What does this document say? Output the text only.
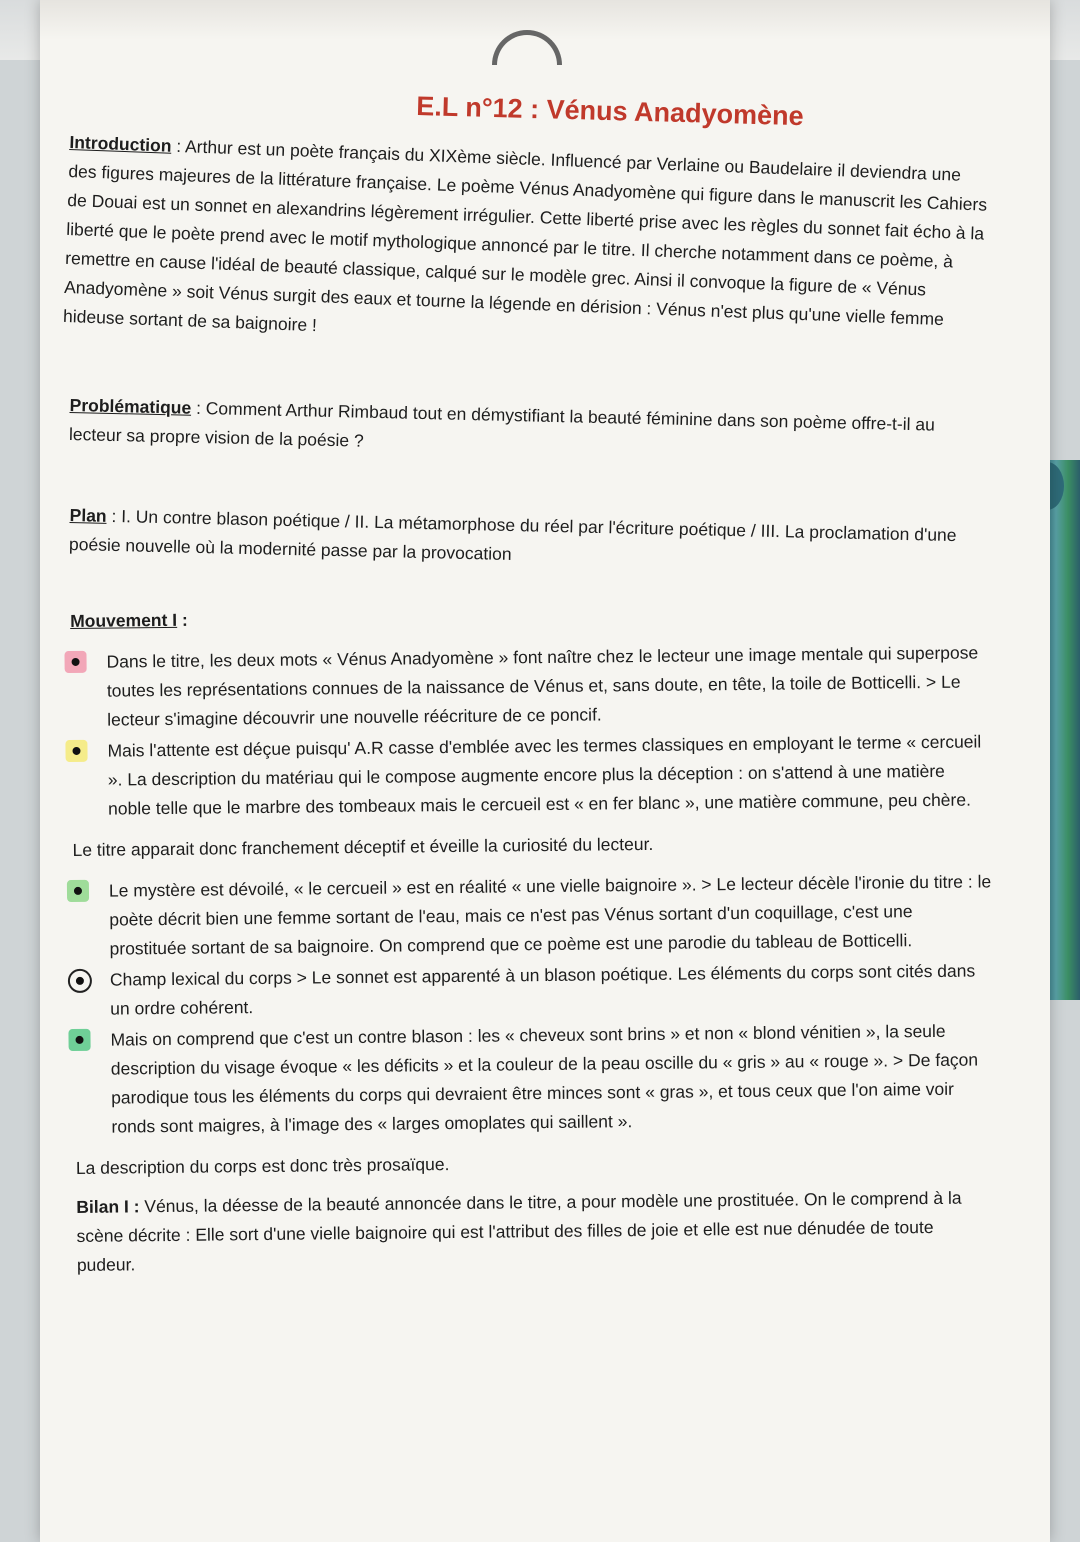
E.L n°12 : Vénus Anadyomène

Introduction : Arthur est un poète français du XIXème siècle. Influencé par Verlaine ou Baudelaire il deviendra une des figures majeures de la littérature française. Le poème Vénus Anadyomène qui figure dans le manuscrit les Cahiers de Douai est un sonnet en alexandrins légèrement irrégulier. Cette liberté prise avec les règles du sonnet fait écho à la liberté que le poète prend avec le motif mythologique annoncé par le titre. Il cherche notamment dans ce poème, à remettre en cause l'idéal de beauté classique, calqué sur le modèle grec. Ainsi il convoque la figure de « Vénus Anadyomène » soit Vénus surgit des eaux et tourne la légende en dérision : Vénus n'est plus qu'une vielle femme hideuse sortant de sa baignoire !

Problématique : Comment Arthur Rimbaud tout en démystifiant la beauté féminine dans son poème offre-t-il au lecteur sa propre vision de la poésie ?

Plan : I. Un contre blason poétique / II. La métamorphose du réel par l'écriture poétique / III. La proclamation d'une poésie nouvelle où la modernité passe par la provocation

Mouvement I :

Dans le titre, les deux mots « Vénus Anadyomène » font naître chez le lecteur une image mentale qui superpose toutes les représentations connues de la naissance de Vénus et, sans doute, en tête, la toile de Botticelli. > Le lecteur s'imagine découvrir une nouvelle réécriture de ce poncif.
Mais l'attente est déçue puisqu' A.R casse d'emblée avec les termes classiques en employant le terme « cercueil ». La description du matériau qui le compose augmente encore plus la déception : on s'attend à une matière noble telle que le marbre des tombeaux mais le cercueil est « en fer blanc », une matière commune, peu chère.

Le titre apparait donc franchement déceptif et éveille la curiosité du lecteur.

Le mystère est dévoilé, « le cercueil » est en réalité « une vielle baignoire ». > Le lecteur décèle l'ironie du titre : le poète décrit bien une femme sortant de l'eau, mais ce n'est pas Vénus sortant d'un coquillage, c'est une prostituée sortant de sa baignoire. On comprend que ce poème est une parodie du tableau de Botticelli.
Champ lexical du corps > Le sonnet est apparenté à un blason poétique. Les éléments du corps sont cités dans un ordre cohérent.
Mais on comprend que c'est un contre blason : les « cheveux sont brins » et non « blond vénitien », la seule description du visage évoque « les déficits » et la couleur de la peau oscille du « gris » au « rouge ». > De façon parodique tous les éléments du corps qui devraient être minces sont « gras », et tous ceux que l'on aime voir ronds sont maigres, à l'image des « larges omoplates qui saillent ».

La description du corps est donc très prosaïque.

Bilan I : Vénus, la déesse de la beauté annoncée dans le titre, a pour modèle une prostituée. On le comprend à la scène décrite : Elle sort d'une vielle baignoire qui est l'attribut des filles de joie et elle est nue dénudée de toute pudeur.
